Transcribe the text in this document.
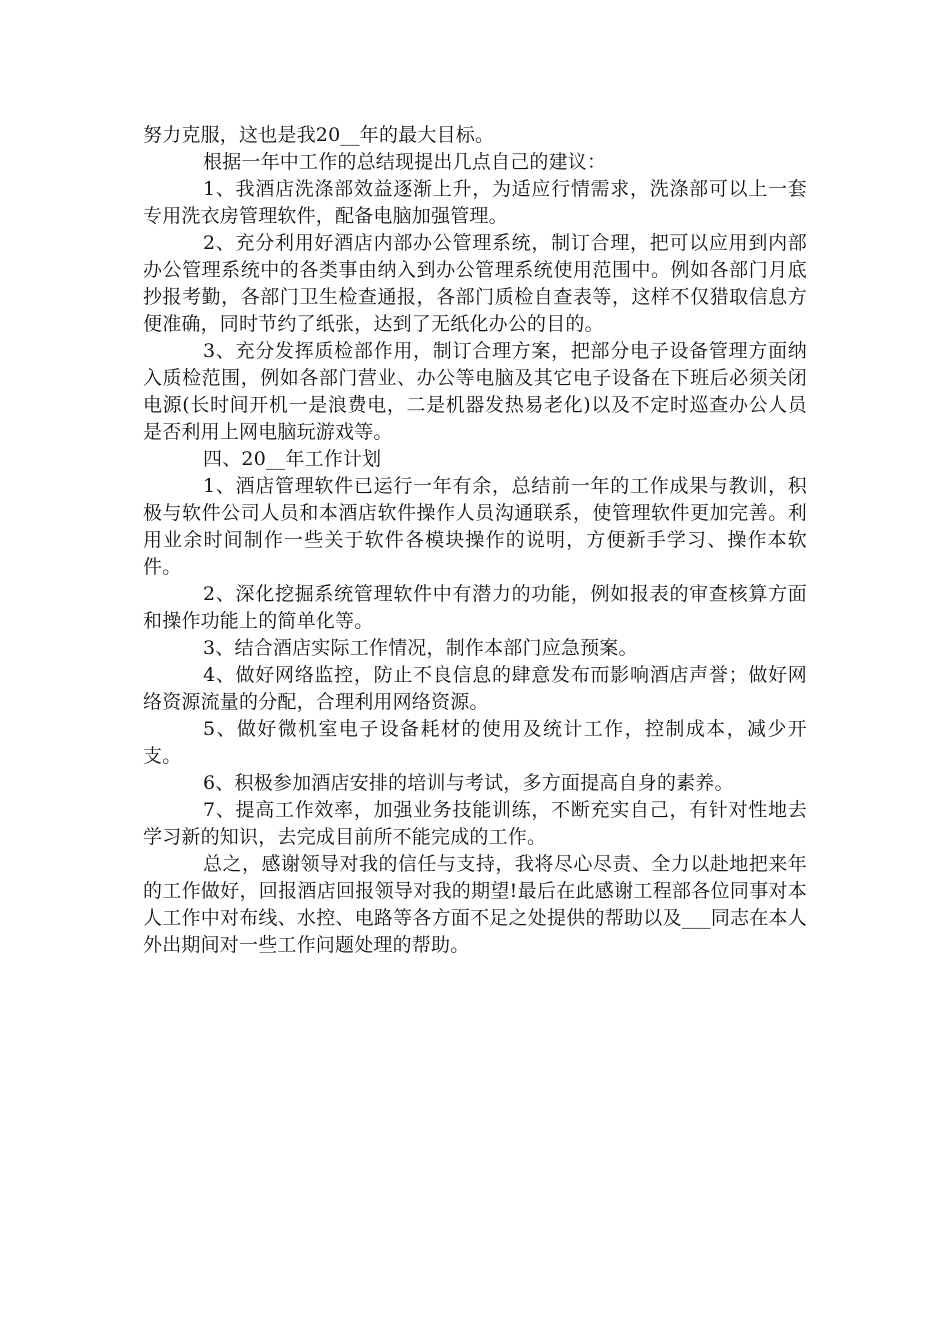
努力克服，这也是我20__年的最大目标。

根据一年中工作的总结现提出几点自己的建议：

1、我酒店洗涤部效益逐渐上升，为适应行情需求，洗涤部可以上一套专用洗衣房管理软件，配备电脑加强管理。

2、充分利用好酒店内部办公管理系统，制订合理，把可以应用到内部办公管理系统中的各类事由纳入到办公管理系统使用范围中。例如各部门月底抄报考勤，各部门卫生检查通报，各部门质检自查表等，这样不仅猎取信息方便准确，同时节约了纸张，达到了无纸化办公的目的。

3、充分发挥质检部作用，制订合理方案，把部分电子设备管理方面纳入质检范围，例如各部门营业、办公等电脑及其它电子设备在下班后必须关闭电源(长时间开机一是浪费电，二是机器发热易老化)以及不定时巡查办公人员是否利用上网电脑玩游戏等。

四、20__年工作计划

1、酒店管理软件已运行一年有余，总结前一年的工作成果与教训，积极与软件公司人员和本酒店软件操作人员沟通联系，使管理软件更加完善。利用业余时间制作一些关于软件各模块操作的说明，方便新手学习、操作本软件。

2、深化挖掘系统管理软件中有潜力的功能，例如报表的审查核算方面和操作功能上的简单化等。

3、结合酒店实际工作情况，制作本部门应急预案。

4、做好网络监控，防止不良信息的肆意发布而影响酒店声誉；做好网络资源流量的分配，合理利用网络资源。

5、做好微机室电子设备耗材的使用及统计工作，控制成本，减少开支。

6、积极参加酒店安排的培训与考试，多方面提高自身的素养。

7、提高工作效率，加强业务技能训练，不断充实自己，有针对性地去学习新的知识，去完成目前所不能完成的工作。

总之，感谢领导对我的信任与支持，我将尽心尽责、全力以赴地把来年的工作做好，回报酒店回报领导对我的期望!最后在此感谢工程部各位同事对本人工作中对布线、水控、电路等各方面不足之处提供的帮助以及___同志在本人外出期间对一些工作问题处理的帮助。
